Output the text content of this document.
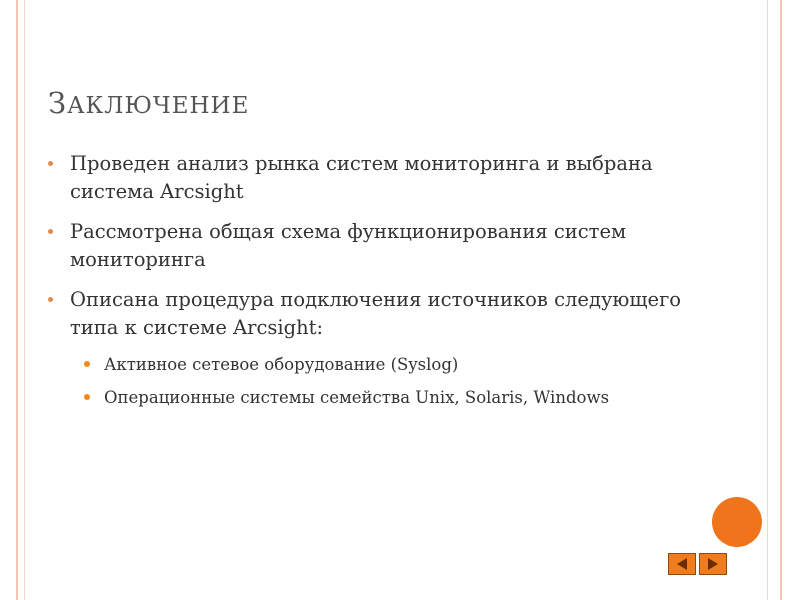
ЗАКЛЮЧЕНИЕ
Проведен анализ рынка систем мониторинга и выбрана система Arcsight
Рассмотрена общая схема функционирования систем мониторинга
Описана процедура подключения источников следующего типа к системе Arcsight:
Активное сетевое оборудование (Syslog)
Операционные системы семейства Unix, Solaris, Windows
